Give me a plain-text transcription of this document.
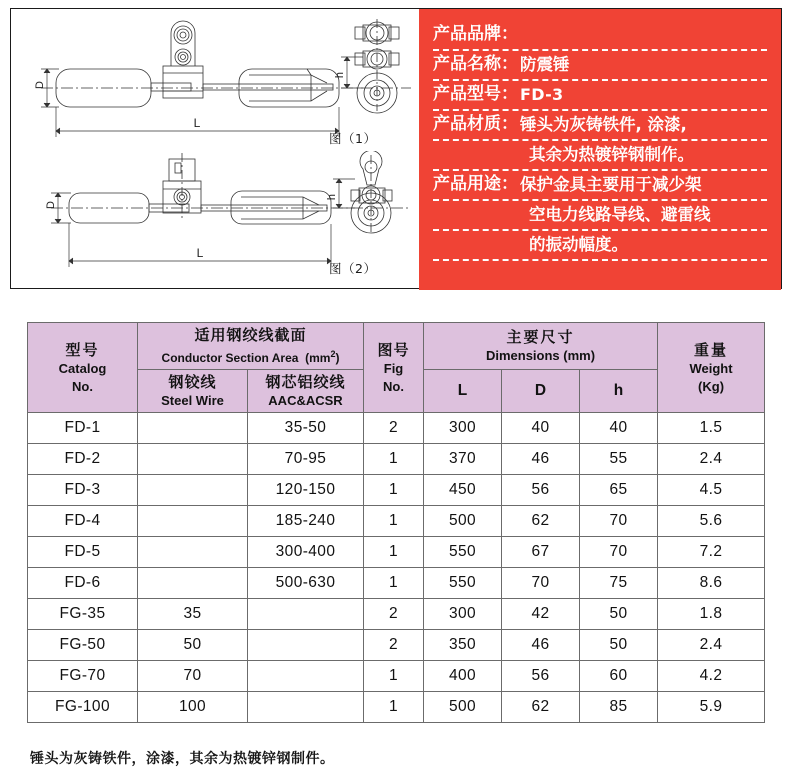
D
L
h
图（1）
D
L
h
图（2）
产品品牌：
产品名称： 防震锤
产品型号： FD-3
产品材质： 锤头为灰铸铁件, 涂漆,
其余为热镀锌钢制作。
产品用途： 保护金具主要用于减少架
空电力线路导线、避雷线
的振动幅度。
型号
Catalog
No.	适用钢绞线截面
Conductor Section Area $(mm^2)$		图号
Fig
No.	主要尺寸
Dimensions (mm)			重量
Weight
(Kg)

	钢铰线
Steel Wire	钢芯铝绞线
AAC&ACSR					

				L	D	h	
FD-1		35-50	2	300	40	40	1.5
FD-2		70-95	1	370	46	55	2.4
FD-3		120-150	1	450	56	65	4.5
FD-4		185-240	1	500	62	70	5.6
FD-5		300-400	1	550	67	70	7.2
FD-6		500-630	1	550	70	75	8.6
FG-35	35		2	300	42	50	1.8
FG-50	50		2	350	46	50	2.4
FG-70	70		1	400	56	60	4.2
FG-100	100		1	500	62	85	5.9
锤头为灰铸铁件，涂漆，其余为热镀锌钢制件。
